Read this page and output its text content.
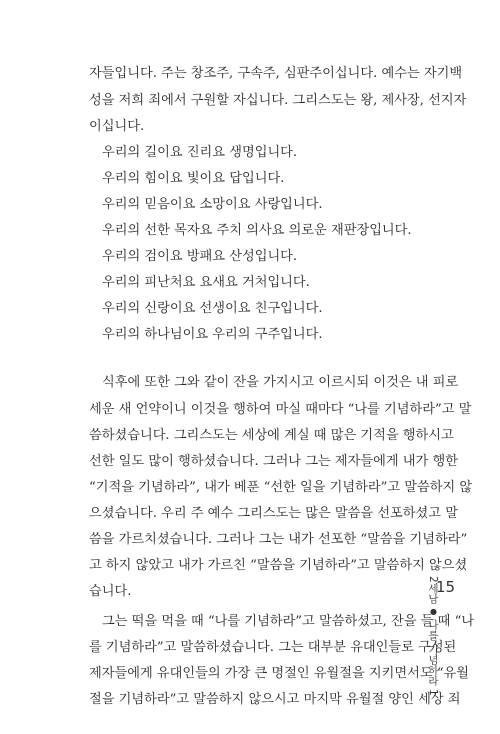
자들입니다. 주는 창조주, 구속주, 심판주이십니다. 예수는 자기백
성을 저희 죄에서 구원할 자십니다. 그리스도는 왕, 제사장, 선지자
이십니다.
우리의 길이요 진리요 생명입니다.
우리의 힘이요 빛이요 답입니다.
우리의 믿음이요 소망이요 사랑입니다.
우리의 선한 목자요 주치 의사요 의로운 재판장입니다.
우리의 검이요 방패요 산성입니다.
우리의 피난처요 요새요 거처입니다.
우리의 신랑이요 선생이요 친구입니다.
우리의 하나님이요 우리의 구주입니다.
식후에 또한 그와 같이 잔을 가지시고 이르시되 이것은 내 피로
세운 새 언약이니 이것을 행하여 마실 때마다 “나를 기념하라”고 말
씀하셨습니다. 그리스도는 세상에 계실 때 많은 기적을 행하시고
선한 일도 많이 행하셨습니다. 그러나 그는 제자들에게 내가 행한
“기적을 기념하라”, 내가 베푼 “선한 일을 기념하라”고 말씀하지 않
으셨습니다. 우리 주 예수 그리스도는 많은 말씀을 선포하셨고 말
씀을 가르치셨습니다. 그러나 그는 내가 선포한 “말씀을 기념하라”
고 하지 않았고 내가 가르친 “말씀을 기념하라”고 말씀하지 않으셨
습니다.
그는 떡을 먹을 때 “나를 기념하라”고 말씀하셨고, 잔을 들 때 “나
를 기념하라”고 말씀하셨습니다. 그는 대부분 유대인들로 구성된
제자들에게 유대인들의 가장 큰 명절인 유월절을 지키면서도 “유월
절을 기념하라”고 말씀하지 않으시고 마지막 유월절 양인 세상 죄
2세남 ● 나를 기념하라 1
15
